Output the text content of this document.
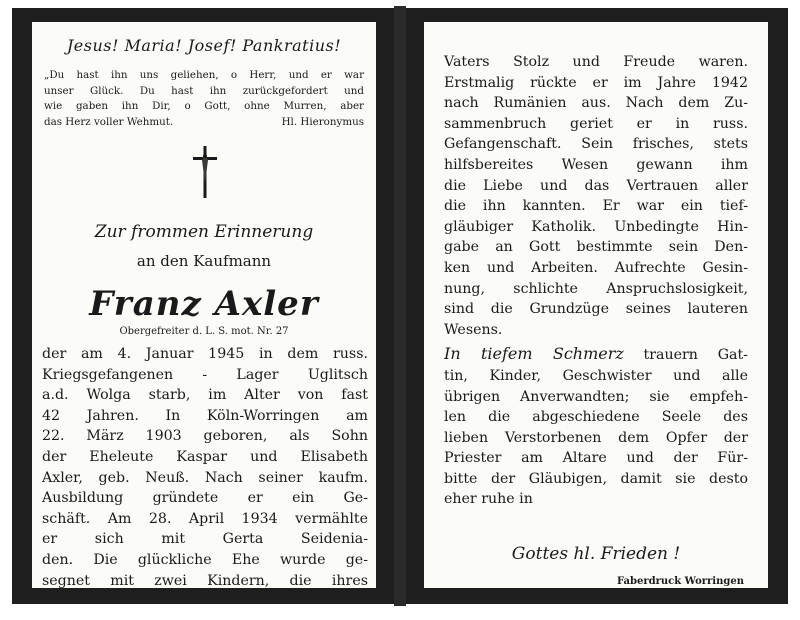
Jesus! Maria! Josef! Pankratius!
„Du hast ihn uns geliehen, o Herr, und er war
unser Glück. Du hast ihn zurückgefordert und
wie gaben ihn Dir, o Gott, ohne Murren, aber
das Herz voller Wehmut.	Hl. Hieronymus
Zur frommen Erinnerung
an den Kaufmann
Franz Axler
Obergefreiter d. L. S. mot. Nr. 27
der am 4. Januar 1945 in dem russ.
Kriegsgefangenen - Lager Uglitsch
a.d. Wolga starb, im Alter von fast
42 Jahren. In Köln-Worringen am
22. März 1903 geboren, als Sohn
der Eheleute Kaspar und Elisabeth
Axler, geb. Neuß. Nach seiner kaufm.
Ausbildung gründete er ein Ge-
schäft. Am 28. April 1934 vermählte
er sich mit Gerta Seidenia-
den. Die glückliche Ehe wurde ge-
segnet mit zwei Kindern, die ihres
Vaters Stolz und Freude waren.
Erstmalig rückte er im Jahre 1942
nach Rumänien aus. Nach dem Zu-
sammenbruch geriet er in russ.
Gefangenschaft. Sein frisches, stets
hilfsbereites Wesen gewann ihm
die Liebe und das Vertrauen aller
die ihn kannten. Er war ein tief-
gläubiger Katholik. Unbedingte Hin-
gabe an Gott bestimmte sein Den-
ken und Arbeiten. Aufrechte Gesin-
nung, schlichte Anspruchslosigkeit,
sind die Grundzüge seines lauteren
Wesens.
In tiefem Schmerz trauern Gat-
tin, Kinder, Geschwister und alle
übrigen Anverwandten; sie empfeh-
len die abgeschiedene Seele des
lieben Verstorbenen dem Opfer der
Priester am Altare und der Für-
bitte der Gläubigen, damit sie desto
eher ruhe in
Gottes hl. Frieden !
Faberdruck Worringen
